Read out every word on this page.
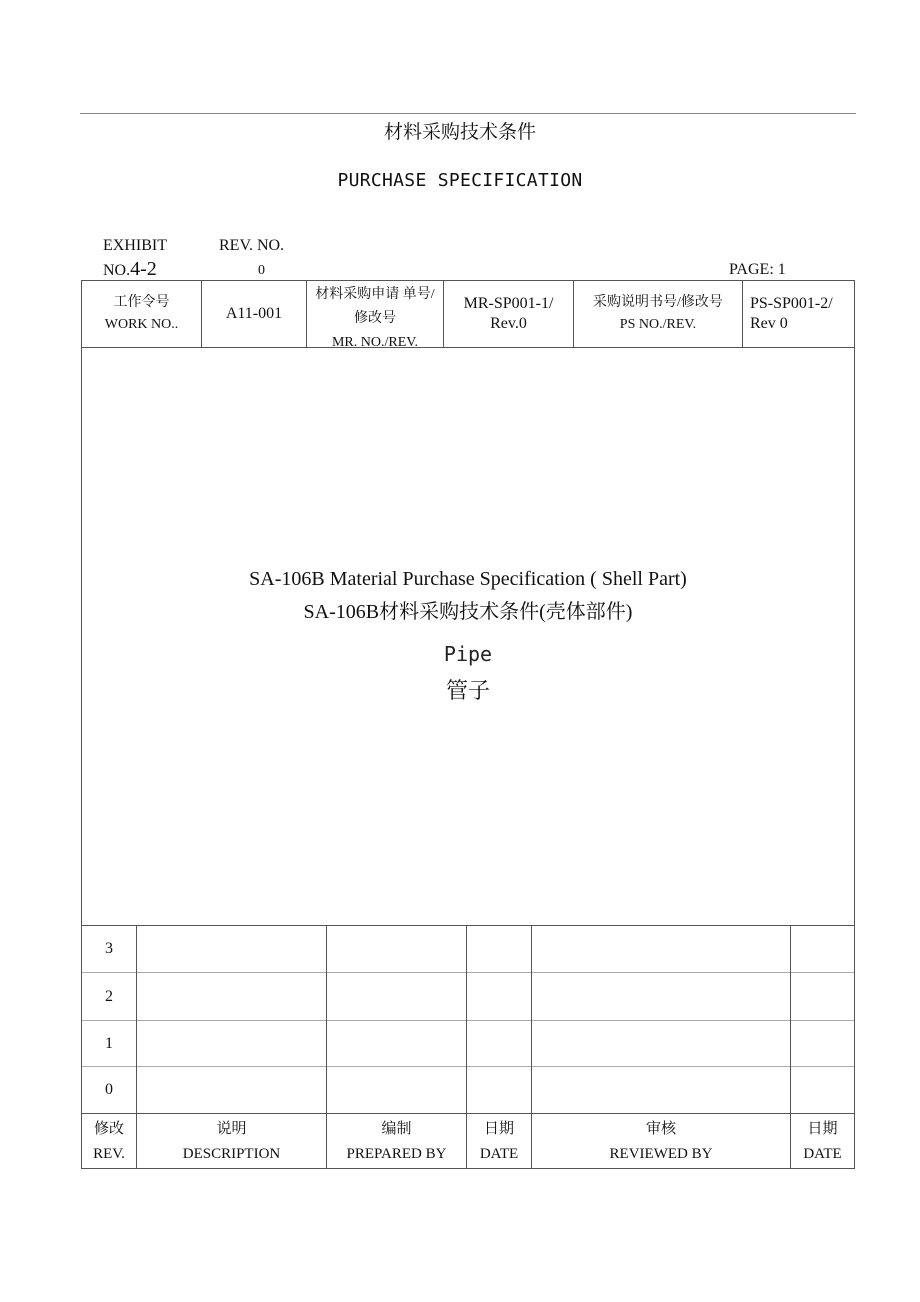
材料采购技术条件
PURCHASE SPECIFICATION
EXHIBIT
NO.4-2
REV. NO.
0	PAGE: 1
工作令号
WORK NO..
A11-001
材料采购申请 单号/
修改号
MR. NO./REV.
MR-SP001-1/
Rev.0
采购说明书号/修改号
PS NO./REV.
PS-SP001-2/
Rev 0
SA-106B Material Purchase Specification ( Shell Part)
SA-106B材料采购技术条件(壳体部件)
Pipe
管子
3
2
1
0
修改
REV.
说明
DESCRIPTION
编制
PREPARED BY
日期
DATE
审核
REVIEWED BY
日期
DATE
